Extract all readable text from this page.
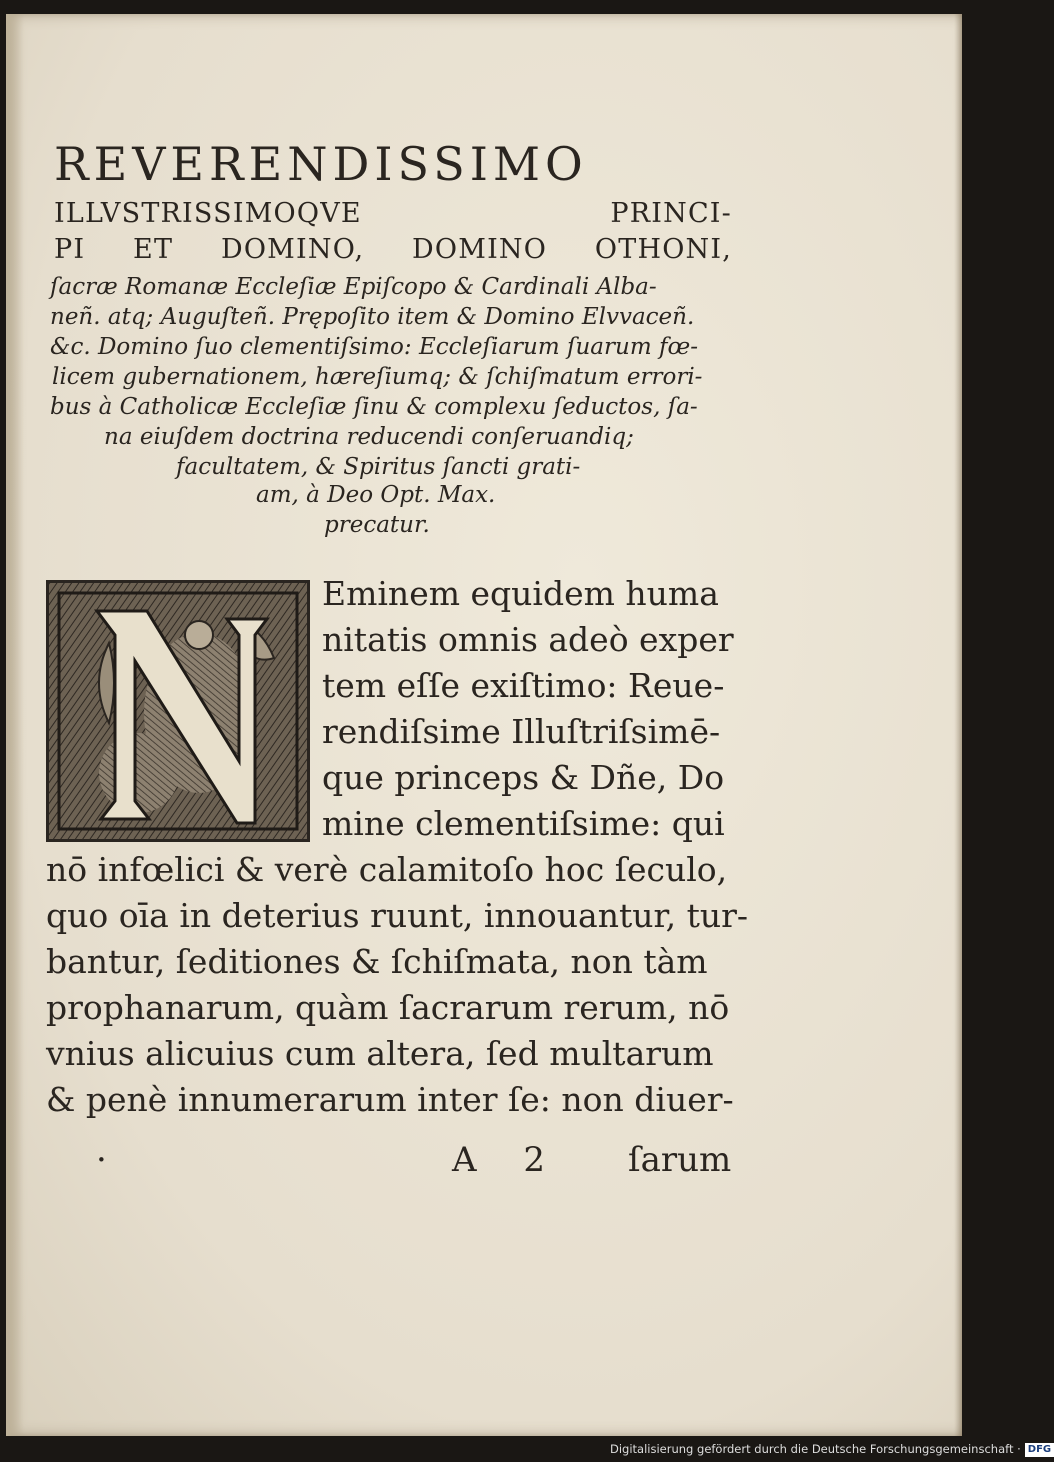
REVERENDISSIMO
ILLVSTRISSIMOQVE PRINCI-
PI ET DOMINO, DOMINO OTHONI,
ſacræ Romanæ Eccleſiæ Epiſcopo & Cardinali Alba-
neñ. atq; Auguſteñ. Prępoſito item & Domino Elvvaceñ.
&c. Domino ſuo clementiſsimo: Eccleſiarum ſuarum fœ-
licem gubernationem, hæreſiumq; & ſchiſmatum errori-
bus à Catholicæ Eccleſiæ ſinu & complexu ſeductos, ſa-
na eiuſdem doctrina reducendi conſeruandiq;
facultatem, & Spiritus ſancti grati-
am, à Deo Opt. Max.
precatur.
Eminem equidem huma
nitatis omnis adeò exper
tem eſſe exiſtimo: Reue-
rendiſsime Illuſtriſsimē-
que princeps & Dñe, Do
mine clementiſsime: qui
nō infœlici & verè calamitoſo hoc ſeculo,
quo oīa in deterius ruunt, innouantur, tur-
bantur, ſeditiones & ſchiſmata, non tàm
prophanarum, quàm ſacrarum rerum, nō
vnius alicuius cum altera, ſed multarum
& penè innumerarum inter ſe: non diuer-
·	A 2 ſarum
Digitalisierung gefördert durch die Deutsche Forschungsgemeinschaft · DFG
